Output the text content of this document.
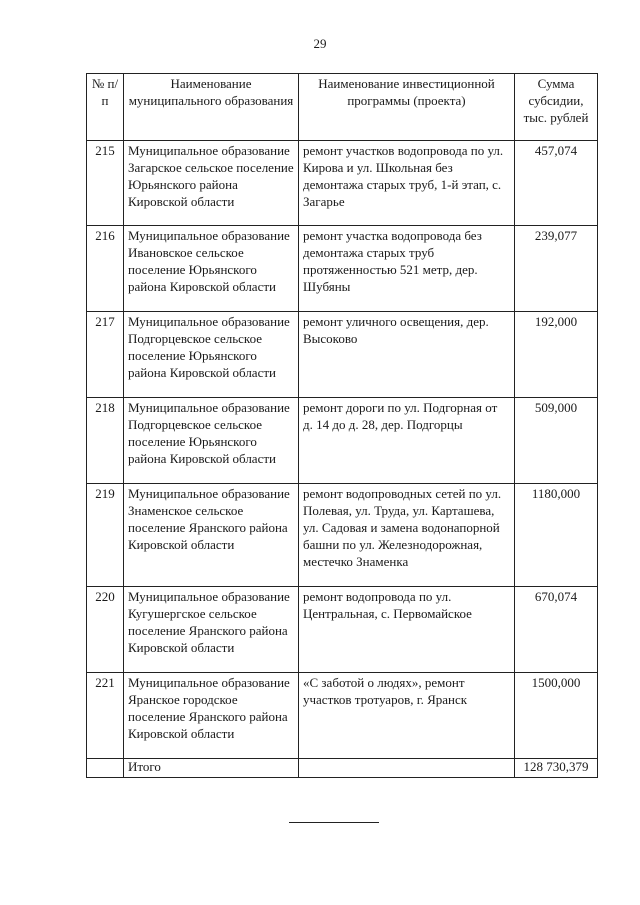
29
№ п/п	Наименование муниципального образования	Наименование инвестиционной программы (проекта)	Сумма субсидии, тыс. рублей
215	Муниципальное образование Загарское сельское поселение Юрьянского района Кировской области	ремонт участков водопровода по ул. Кирова и ул. Школьная без демонтажа старых труб, 1-й этап, с. Загарье	457,074
216	Муниципальное образование Ивановское сельское поселение Юрьянского района Кировской области	ремонт участка водопровода без демонтажа старых труб протяженностью 521 метр, дер. Шубяны	239,077
217	Муниципальное образование Подгорцевское сельское поселение Юрьянского района Кировской области	ремонт уличного освещения, дер. Высоково	192,000
218	Муниципальное образование Подгорцевское сельское поселение Юрьянского района Кировской области	ремонт дороги по ул. Подгорная от д. 14 до д. 28, дер. Подгорцы	509,000
219	Муниципальное образование Знаменское сельское поселение Яранского района Кировской области	ремонт водопроводных сетей по ул. Полевая, ул. Труда, ул. Карташева, ул. Садовая и замена водонапорной башни по ул. Железнодорожная, местечко Знаменка	1180,000
220	Муниципальное образование Кугушергское сельское поселение Яранского района Кировской области	ремонт водопровода по ул. Центральная, с. Первомайское	670,074
221	Муниципальное образование Яранское городское поселение Яранского района Кировской области	«С заботой о людях», ремонт участков тротуаров, г. Яранск	1500,000
	Итого		128 730,379
